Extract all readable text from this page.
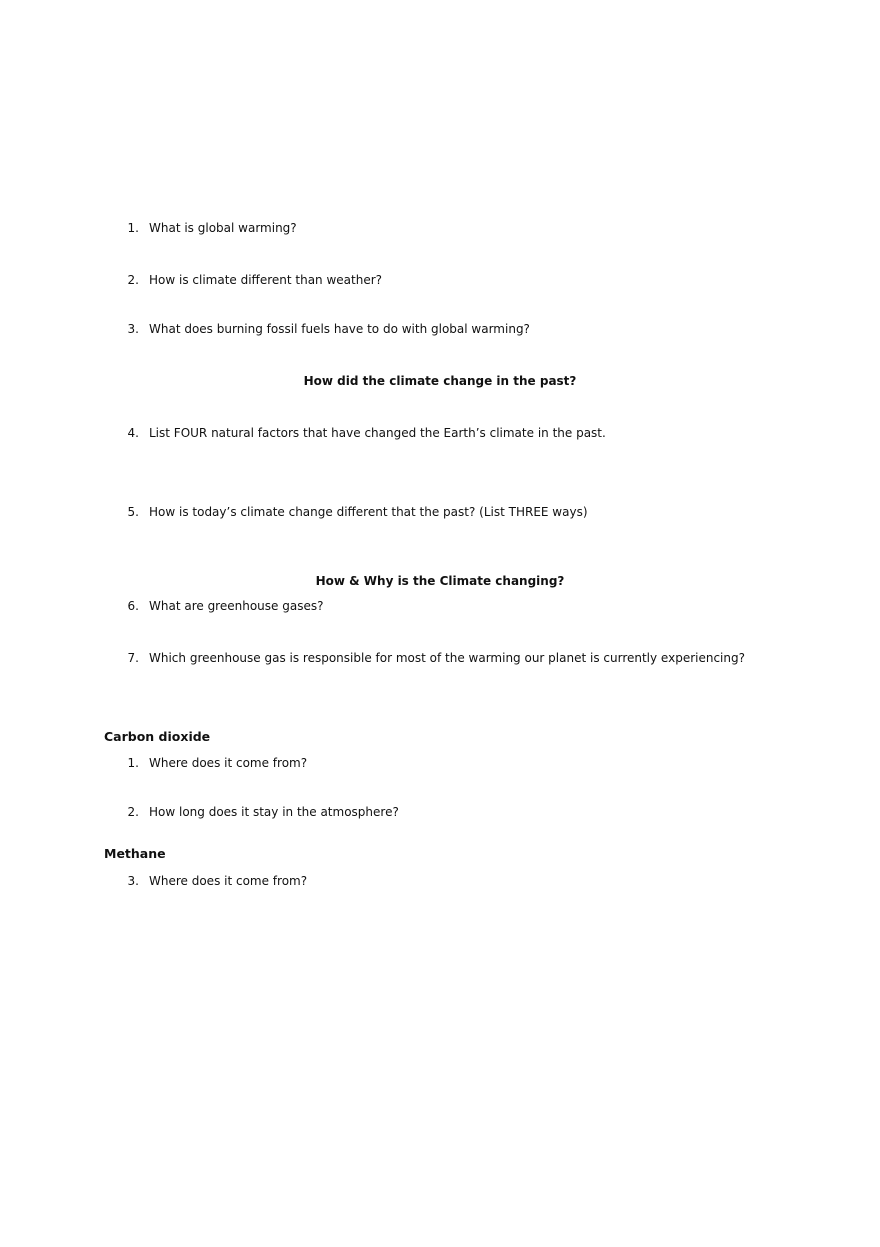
1. What is global warming?
2. How is climate different than weather?
3. What does burning fossil fuels have to do with global warming?
How did the climate change in the past?
4. List FOUR natural factors that have changed the Earth’s climate in the past.
5. How is today’s climate change different that the past? (List THREE ways)
How & Why is the Climate changing?
6. What are greenhouse gases?
7. Which greenhouse gas is responsible for most of the warming our planet is currently experiencing?
Carbon dioxide
1. Where does it come from?
2. How long does it stay in the atmosphere?
Methane
3. Where does it come from?
